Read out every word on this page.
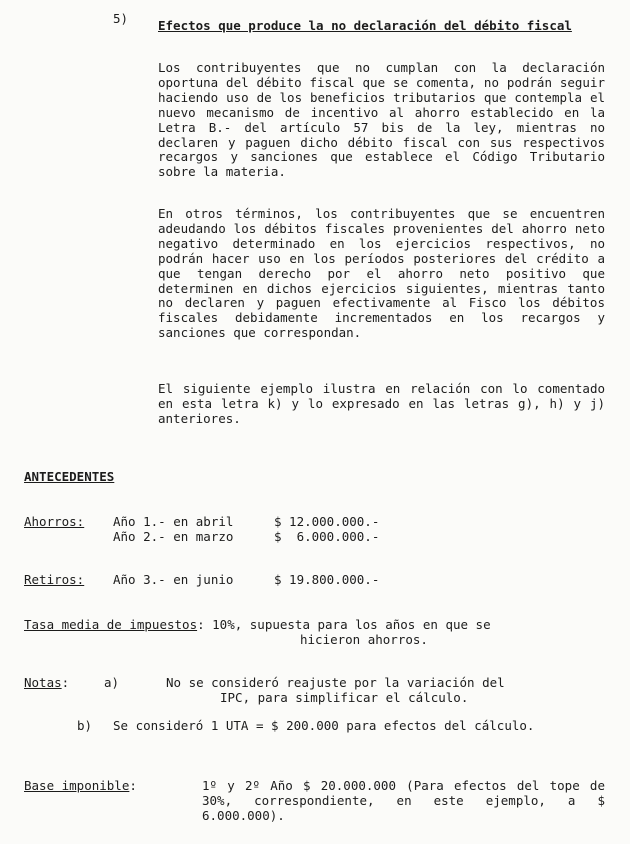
5) Efectos que produce la no declaración del débito fiscal
Los contribuyentes que no cumplan con la declaración oportuna del débito fiscal que se comenta, no podrán seguir haciendo uso de los beneficios tributarios que contempla el nuevo mecanismo de incentivo al ahorro establecido en la Letra B.- del artículo 57 bis de la ley, mientras no declaren y paguen dicho débito fiscal con sus respectivos recargos y sanciones que establece el Código Tributario sobre la materia.
En otros términos, los contribuyentes que se encuentren adeudando los débitos fiscales provenientes del ahorro neto negativo determinado en los ejercicios respectivos, no podrán hacer uso en los períodos posteriores del crédito a que tengan derecho por el ahorro neto positivo que determinen en dichos ejercicios siguientes, mientras tanto no declaren y paguen efectivamente al Fisco los débitos fiscales debidamente incrementados en los recargos y sanciones que correspondan.
El siguiente ejemplo ilustra en relación con lo comentado en esta letra k) y lo expresado en las letras g), h) y j) anteriores.
ANTECEDENTES
Ahorros: Año 1.- en abril	$ 12.000.000.-
Año 2.- en marzo	$  6.000.000.-
Retiros: Año 3.- en junio	$ 19.800.000.-
Tasa media de impuestos: 10%, supuesta para los años en que se
hicieron ahorros.
Notas:	a)	No se consideró reajuste por la variación del
IPC, para simplificar el cálculo.
b) Se consideró 1 UTA = $ 200.000 para efectos del cálculo.
Base imponible:	1º y 2º Año $ 20.000.000 (Para efectos del tope de 30%, correspondiente, en este ejemplo, a $ 6.000.000).
